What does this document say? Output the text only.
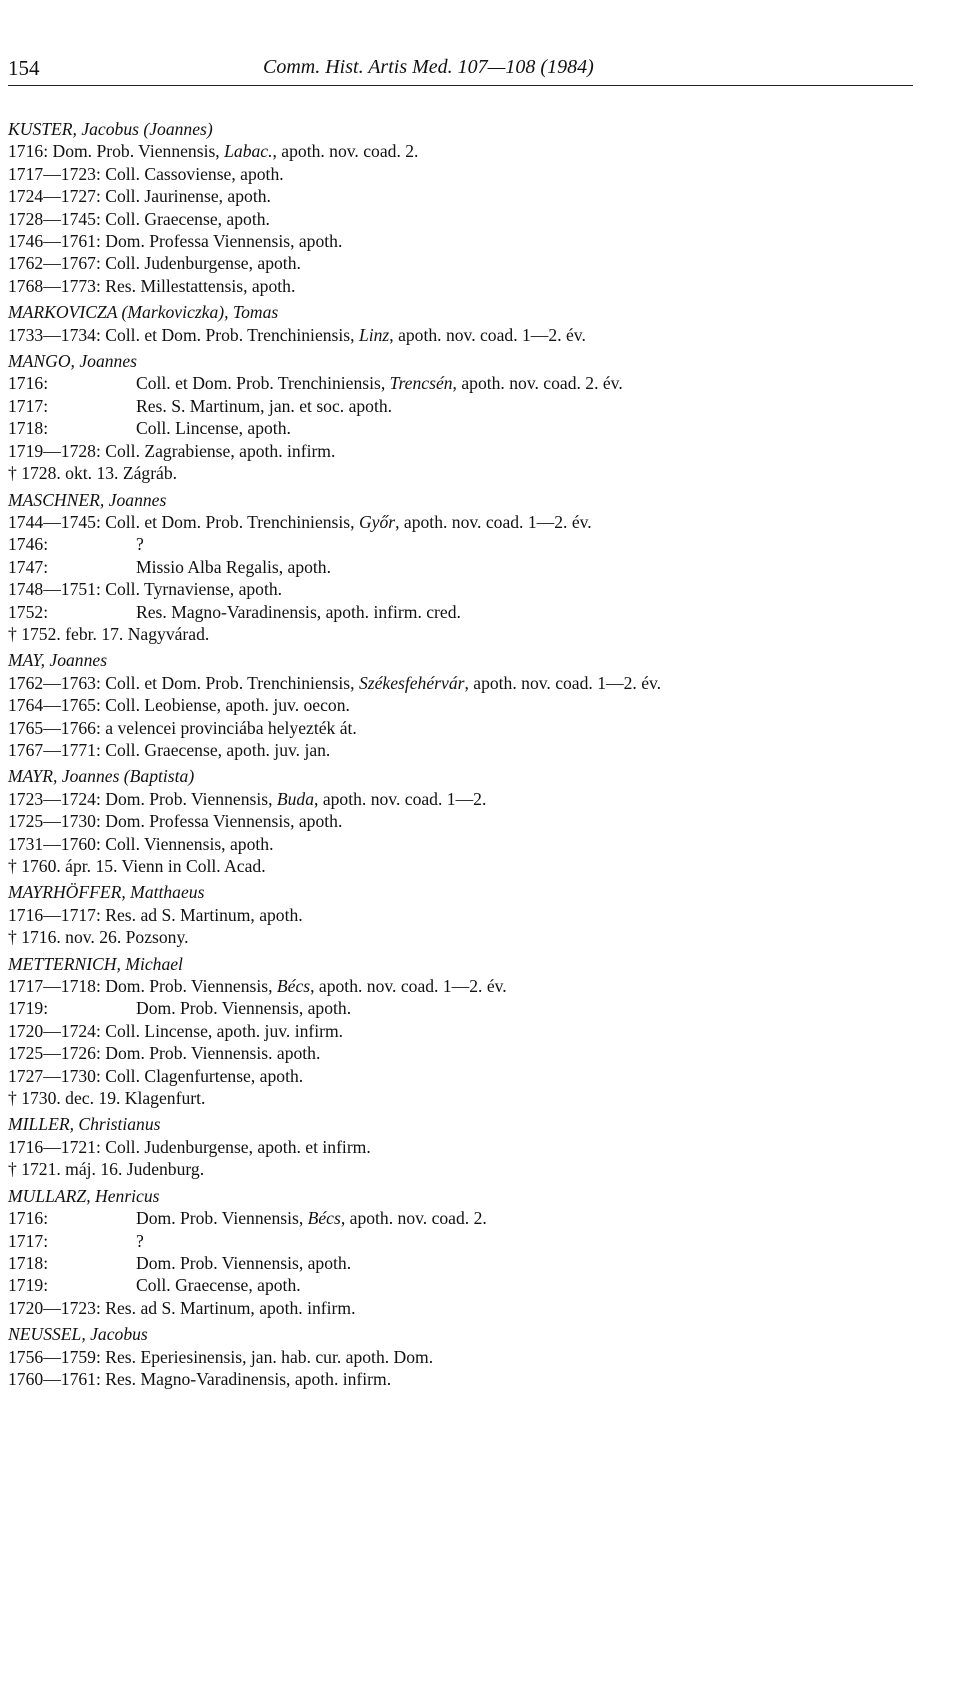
154	Comm. Hist. Artis Med. 107—108 (1984)
KUSTER, Jacobus (Joannes)
1716: Dom. Prob. Viennensis, Labac., apoth. nov. coad. 2.
1717—1723: Coll. Cassoviense, apoth.
1724—1727: Coll. Jaurinense, apoth.
1728—1745: Coll. Graecense, apoth.
1746—1761: Dom. Professa Viennensis, apoth.
1762—1767: Coll. Judenburgense, apoth.
1768—1773: Res. Millestattensis, apoth.
MARKOVICZA (Markoviczka), Tomas
1733—1734: Coll. et Dom. Prob. Trenchiniensis, Linz, apoth. nov. coad. 1—2. év.
MANGO, Joannes
1716:	Coll. et Dom. Prob. Trenchiniensis, Trencsén, apoth. nov. coad. 2. év.
1717:	Res. S. Martinum, jan. et soc. apoth.
1718:	Coll. Lincense, apoth.
1719—1728: Coll. Zagrabiense, apoth. infirm.
† 1728. okt. 13. Zágráb.
MASCHNER, Joannes
1744—1745: Coll. et Dom. Prob. Trenchiniensis, Győr, apoth. nov. coad. 1—2. év.
1746:	?
1747:	Missio Alba Regalis, apoth.
1748—1751: Coll. Tyrnaviense, apoth.
1752:	Res. Magno-Varadinensis, apoth. infirm. cred.
† 1752. febr. 17. Nagyvárad.
MAY, Joannes
1762—1763: Coll. et Dom. Prob. Trenchiniensis, Székesfehérvár, apoth. nov. coad. 1—2. év.
1764—1765: Coll. Leobiense, apoth. juv. oecon.
1765—1766: a velencei provinciába helyezték át.
1767—1771: Coll. Graecense, apoth. juv. jan.
MAYR, Joannes (Baptista)
1723—1724: Dom. Prob. Viennensis, Buda, apoth. nov. coad. 1—2.
1725—1730: Dom. Professa Viennensis, apoth.
1731—1760: Coll. Viennensis, apoth.
† 1760. ápr. 15. Vienn in Coll. Acad.
MAYRHÖFFER, Matthaeus
1716—1717: Res. ad S. Martinum, apoth.
† 1716. nov. 26. Pozsony.
METTERNICH, Michael
1717—1718: Dom. Prob. Viennensis, Bécs, apoth. nov. coad. 1—2. év.
1719:	Dom. Prob. Viennensis, apoth.
1720—1724: Coll. Lincense, apoth. juv. infirm.
1725—1726: Dom. Prob. Viennensis. apoth.
1727—1730: Coll. Clagenfurtense, apoth.
† 1730. dec. 19. Klagenfurt.
MILLER, Christianus
1716—1721: Coll. Judenburgense, apoth. et infirm.
† 1721. máj. 16. Judenburg.
MULLARZ, Henricus
1716:	Dom. Prob. Viennensis, Bécs, apoth. nov. coad. 2.
1717:	?
1718:	Dom. Prob. Viennensis, apoth.
1719:	Coll. Graecense, apoth.
1720—1723: Res. ad S. Martinum, apoth. infirm.
NEUSSEL, Jacobus
1756—1759: Res. Eperiesinensis, jan. hab. cur. apoth. Dom.
1760—1761: Res. Magno-Varadinensis, apoth. infirm.
